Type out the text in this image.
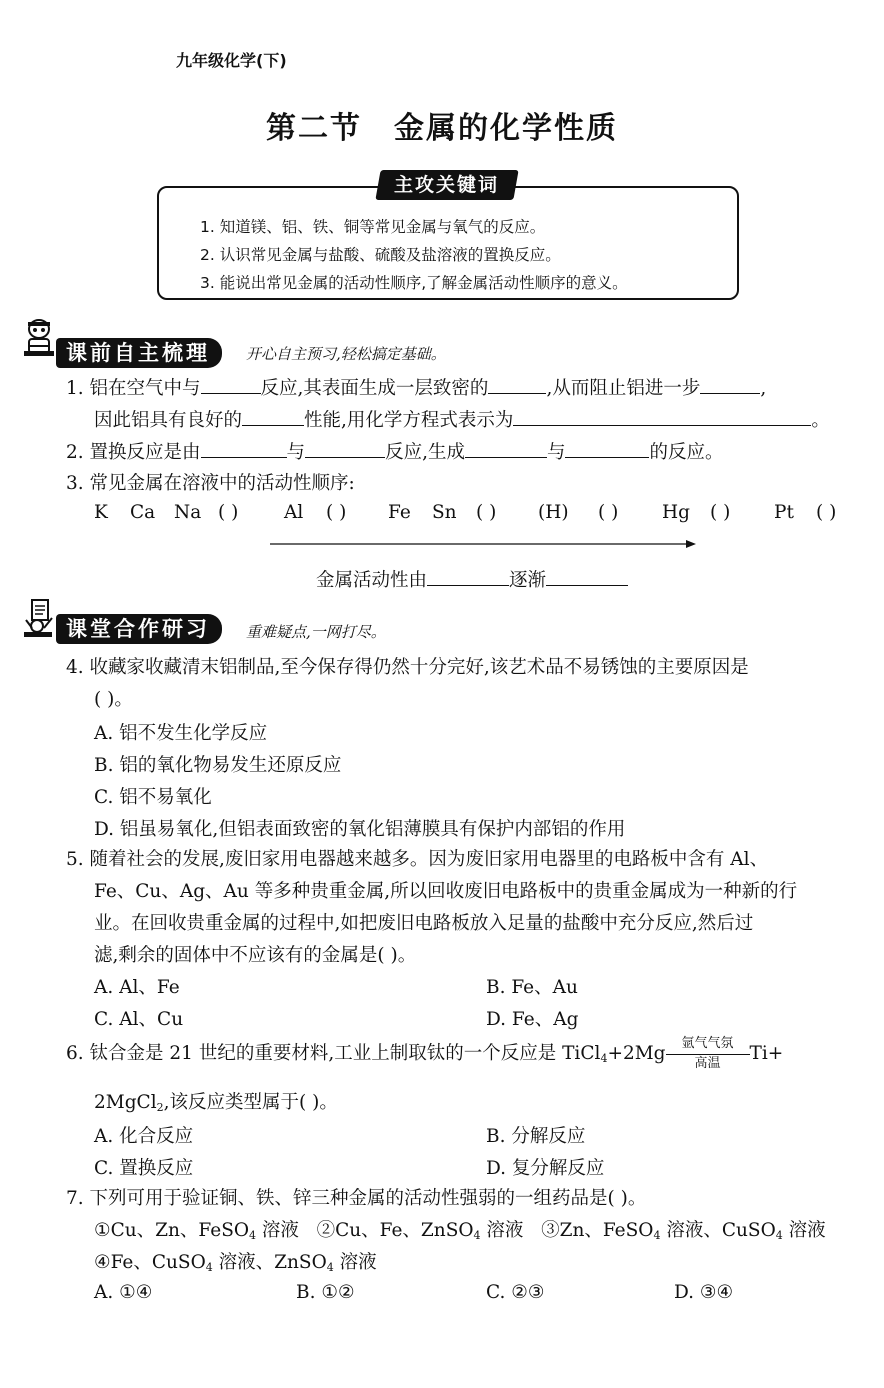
九年级化学(下)
第二节 金属的化学性质
主攻关键词
1. 知道镁、铝、铁、铜等常见金属与氧气的反应。
2. 认识常见金属与盐酸、硫酸及盐溶液的置换反应。
3. 能说出常见金属的活动性顺序,了解金属活动性顺序的意义。
课前自主梳理	开心自主预习,轻松搞定基础。
1. 铝在空气中与	反应,其表面生成一层致密的	,从而阻止铝进一步	,
因此铝具有良好的	性能,用化学方程式表示为	。
2. 置换反应是由	与	反应,生成	与	的反应。
3. 常见金属在溶液中的活动性顺序:
K Ca Na ( ) Al ( ) Fe Sn ( ) (H) ( ) Hg ( ) Pt ( )
金属活动性由	逐渐
课堂合作研习	重难疑点,一网打尽。
4. 收藏家收藏清末铝制品,至今保存得仍然十分完好,该艺术品不易锈蚀的主要原因是
( )。
A. 铝不发生化学反应
B. 铝的氧化物易发生还原反应
C. 铝不易氧化
D. 铝虽易氧化,但铝表面致密的氧化铝薄膜具有保护内部铝的作用
5. 随着社会的发展,废旧家用电器越来越多。因为废旧家用电器里的电路板中含有 Al、
Fe、Cu、Ag、Au 等多种贵重金属,所以回收废旧电路板中的贵重金属成为一种新的行
业。在回收贵重金属的过程中,如把废旧电路板放入足量的盐酸中充分反应,然后过
滤,剩余的固体中不应该有的金属是( )。
A. Al、Fe	B. Fe、Au
C. Al、Cu	D. Fe、Ag
6. 钛合金是 21 世纪的重要材料,工业上制取钛的一个反应是 TiCl$_4$+2Mg $\frac{\text{氩气气氛}}{\text{高温}} Ti+$
2MgCl$_2$,该反应类型属于( )。
A. 化合反应	B. 分解反应
C. 置换反应	D. 复分解反应
7. 下列可用于验证铜、铁、锌三种金属的活动性强弱的一组药品是( )。
①Cu、Zn、FeSO$_4$ 溶液 ②Cu、Fe、ZnSO$_4$ 溶液 ③Zn、FeSO$_4$ 溶液、CuSO$_4$ 溶液
④Fe、CuSO$_4$ 溶液、ZnSO$_4$ 溶液
A. ①④	B. ①②	C. ②③	D. ③④
